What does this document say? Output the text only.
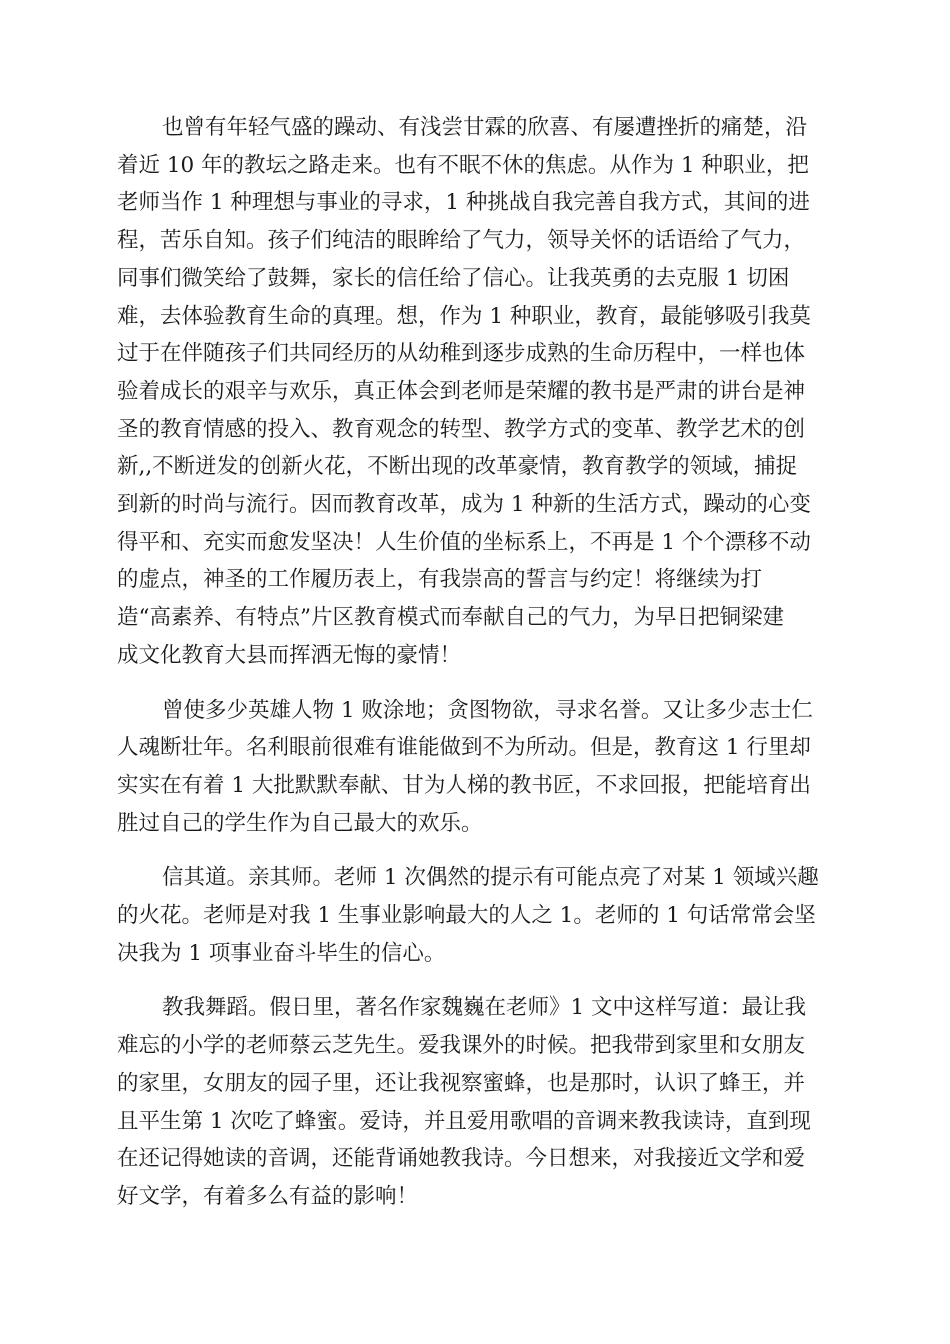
也曾有年轻气盛的躁动、有浅尝甘霖的欣喜、有屡遭挫折的痛楚，沿
着近 10 年的教坛之路走来。也有不眠不休的焦虑。从作为 1 种职业，把
老师当作 1 种理想与事业的寻求，1 种挑战自我完善自我方式，其间的进
程，苦乐自知。孩子们纯洁的眼眸给了气力，领导关怀的话语给了气力，
同事们微笑给了鼓舞，家长的信任给了信心。让我英勇的去克服 1 切困
难，去体验教育生命的真理。想，作为 1 种职业，教育，最能够吸引我莫
过于在伴随孩子们共同经历的从幼稚到逐步成熟的生命历程中，一样也体
验着成长的艰辛与欢乐，真正体会到老师是荣耀的教书是严肃的讲台是神
圣的教育情感的投入、教育观念的转型、教学方式的变革、教学艺术的创
新,,不断迸发的创新火花，不断出现的改革豪情，教育教学的领域，捕捉
到新的时尚与流行。因而教育改革，成为 1 种新的生活方式，躁动的心变
得平和、充实而愈发坚决！人生价值的坐标系上，不再是 1 个个漂移不动
的虚点，神圣的工作履历表上，有我崇高的誓言与约定！将继续为打
造“高素养、有特点”片区教育模式而奉献自己的气力，为早日把铜梁建
成文化教育大县而挥洒无悔的豪情！

曾使多少英雄人物 1 败涂地；贪图物欲，寻求名誉。又让多少志士仁
人魂断壮年。名利眼前很难有谁能做到不为所动。但是，教育这 1 行里却
实实在有着 1 大批默默奉献、甘为人梯的教书匠，不求回报，把能培育出
胜过自己的学生作为自己最大的欢乐。

信其道。亲其师。老师 1 次偶然的提示有可能点亮了对某 1 领域兴趣
的火花。老师是对我 1 生事业影响最大的人之 1。老师的 1 句话常常会坚
决我为 1 项事业奋斗毕生的信心。

教我舞蹈。假日里，著名作家魏巍在老师》1 文中这样写道：最让我
难忘的小学的老师蔡云芝先生。爱我课外的时候。把我带到家里和女朋友
的家里，女朋友的园子里，还让我视察蜜蜂，也是那时，认识了蜂王，并
且平生第 1 次吃了蜂蜜。爱诗，并且爱用歌唱的音调来教我读诗，直到现
在还记得她读的音调，还能背诵她教我诗。今日想来，对我接近文学和爱
好文学，有着多么有益的影响！
